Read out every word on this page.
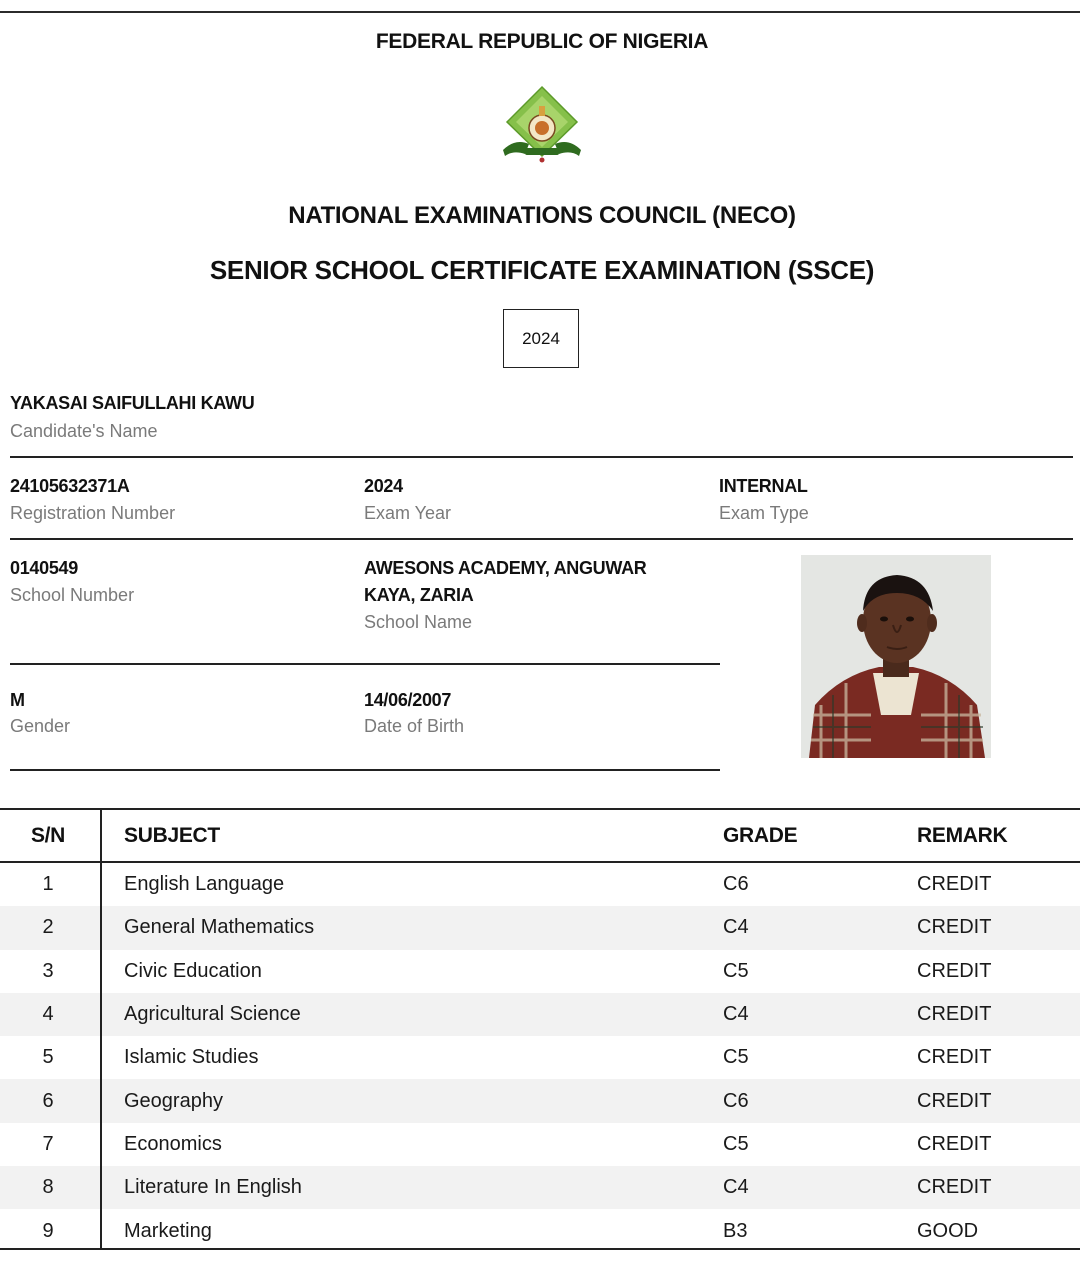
FEDERAL REPUBLIC OF NIGERIA
NATIONAL EXAMINATIONS COUNCIL (NECO)
SENIOR SCHOOL CERTIFICATE EXAMINATION (SSCE)
2024
YAKASAI SAIFULLAHI KAWU
Candidate's Name
24105632371A
Registration Number
2024
Exam Year
INTERNAL
Exam Type
0140549
School Number
AWESONS ACADEMY, ANGUWAR KAYA, ZARIA
School Name
M
Gender
14/06/2007
Date of Birth
S/N	SUBJECT	GRADE	REMARK
1	English Language	C6	CREDIT
2	General Mathematics	C4	CREDIT
3	Civic Education	C5	CREDIT
4	Agricultural Science	C4	CREDIT
5	Islamic Studies	C5	CREDIT
6	Geography	C6	CREDIT
7	Economics	C5	CREDIT
8	Literature In English	C4	CREDIT
9	Marketing	B3	GOOD
